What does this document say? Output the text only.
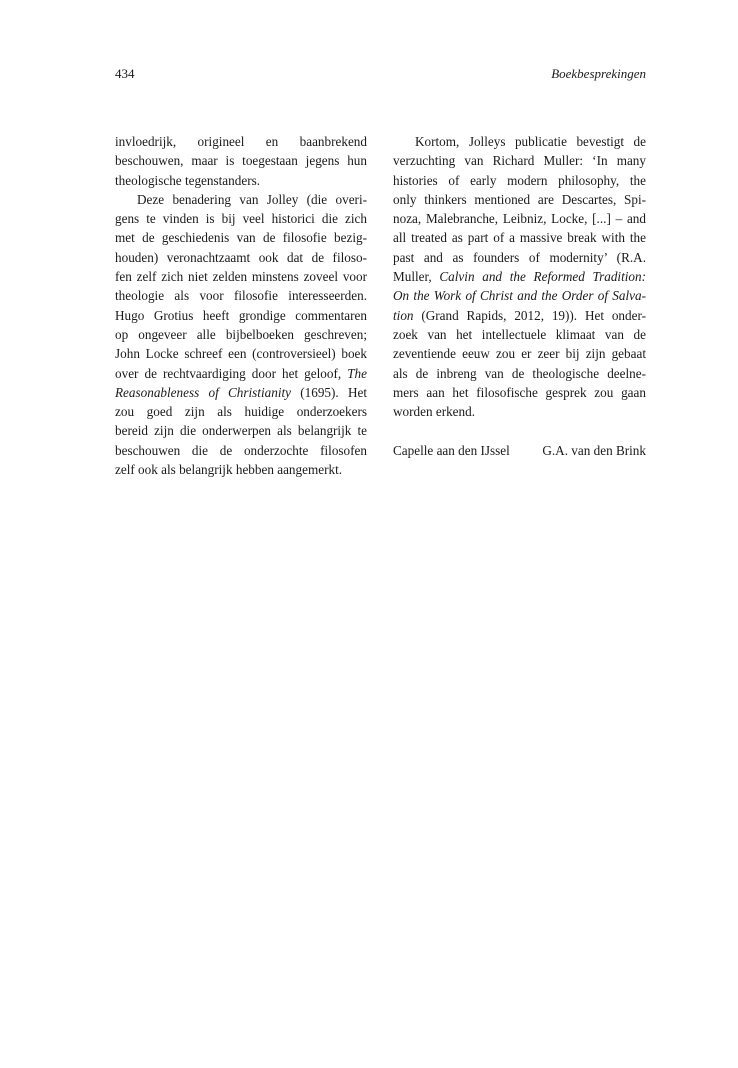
434	Boekbesprekingen
invloedrijk, origineel en baanbrekend
beschouwen, maar is toegestaan jegens hun
theologische tegenstanders.
Deze benadering van Jolley (die overi-
gens te vinden is bij veel historici die zich
met de geschiedenis van de filosofie bezig-
houden) veronachtzaamt ook dat de filoso-
fen zelf zich niet zelden minstens zoveel voor
theologie als voor filosofie interesseerden.
Hugo Grotius heeft grondige commentaren
op ongeveer alle bijbelboeken geschreven;
John Locke schreef een (controversieel) boek
over de rechtvaardiging door het geloof, The
Reasonableness of Christianity (1695). Het
zou goed zijn als huidige onderzoekers
bereid zijn die onderwerpen als belangrijk te
beschouwen die de onderzochte filosofen
zelf ook als belangrijk hebben aangemerkt.
Kortom, Jolleys publicatie bevestigt de
verzuchting van Richard Muller: ‘In many
histories of early modern philosophy, the
only thinkers mentioned are Descartes, Spi-
noza, Malebranche, Leibniz, Locke, [...] – and
all treated as part of a massive break with the
past and as founders of modernity’ (R.A.
Muller, Calvin and the Reformed Tradition:
On the Work of Christ and the Order of Salva-
tion (Grand Rapids, 2012, 19)). Het onder-
zoek van het intellectuele klimaat van de
zeventiende eeuw zou er zeer bij zijn gebaat
als de inbreng van de theologische deelne-
mers aan het filosofische gesprek zou gaan
worden erkend.
Capelle aan den IJssel G.A. van den Brink
